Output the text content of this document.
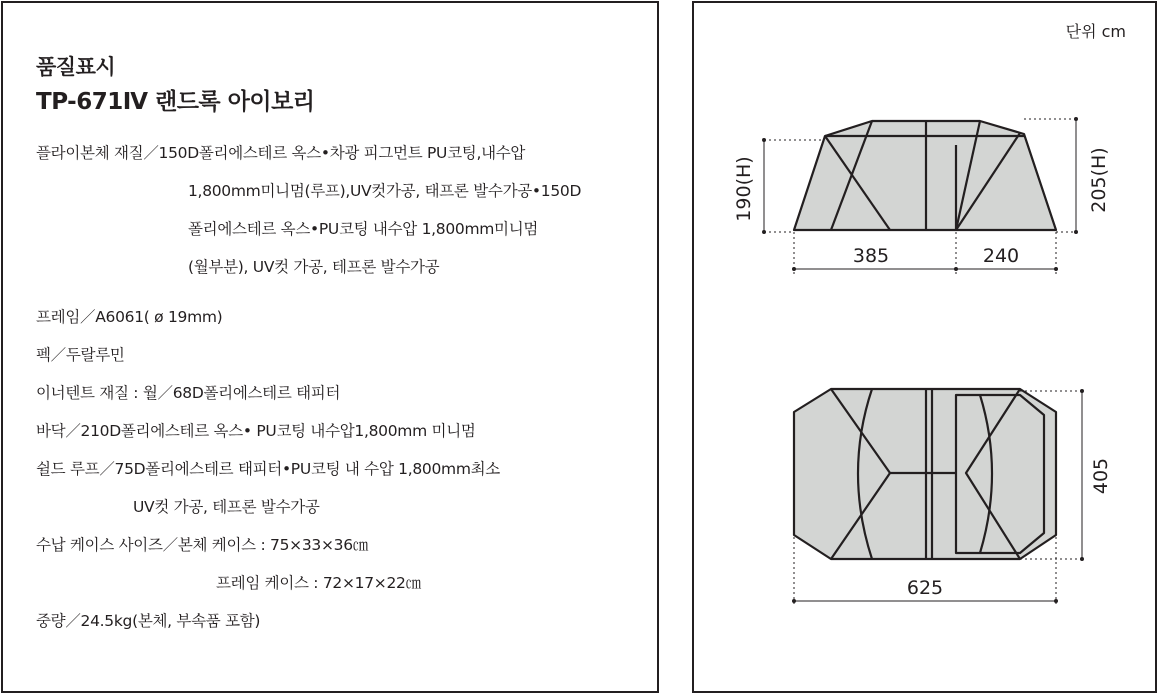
품질표시
TP-671Ⅳ 랜드록 아이보리
플라이본체 재질／150D폴리에스테르 옥스•차광 피그먼트 PU코팅,내수압
1,800mm미니멈(루프),UV컷가공, 태프론 발수가공•150D
폴리에스테르 옥스•PU코팅 내수압 1,800mm미니멈
(월부분), UV컷 가공, 테프론 발수가공
프레임／A6061( ø 19mm)
펙／두랄루민
이너텐트 재질 : 월／68D폴리에스테르 태피터
바닥／210D폴리에스테르 옥스• PU코팅 내수압1,800mm 미니멈
쉴드 루프／75D폴리에스테르 태피터•PU코팅 내 수압 1,800mm최소
UV컷 가공, 테프론 발수가공
수납 케이스 사이즈／본체 케이스 : 75×33×36㎝
프레임 케이스 : 72×17×22㎝
중량／24.5kg(본체, 부속품 포함)
단위 cm
190(H)	205(H)
385	240
405
625
